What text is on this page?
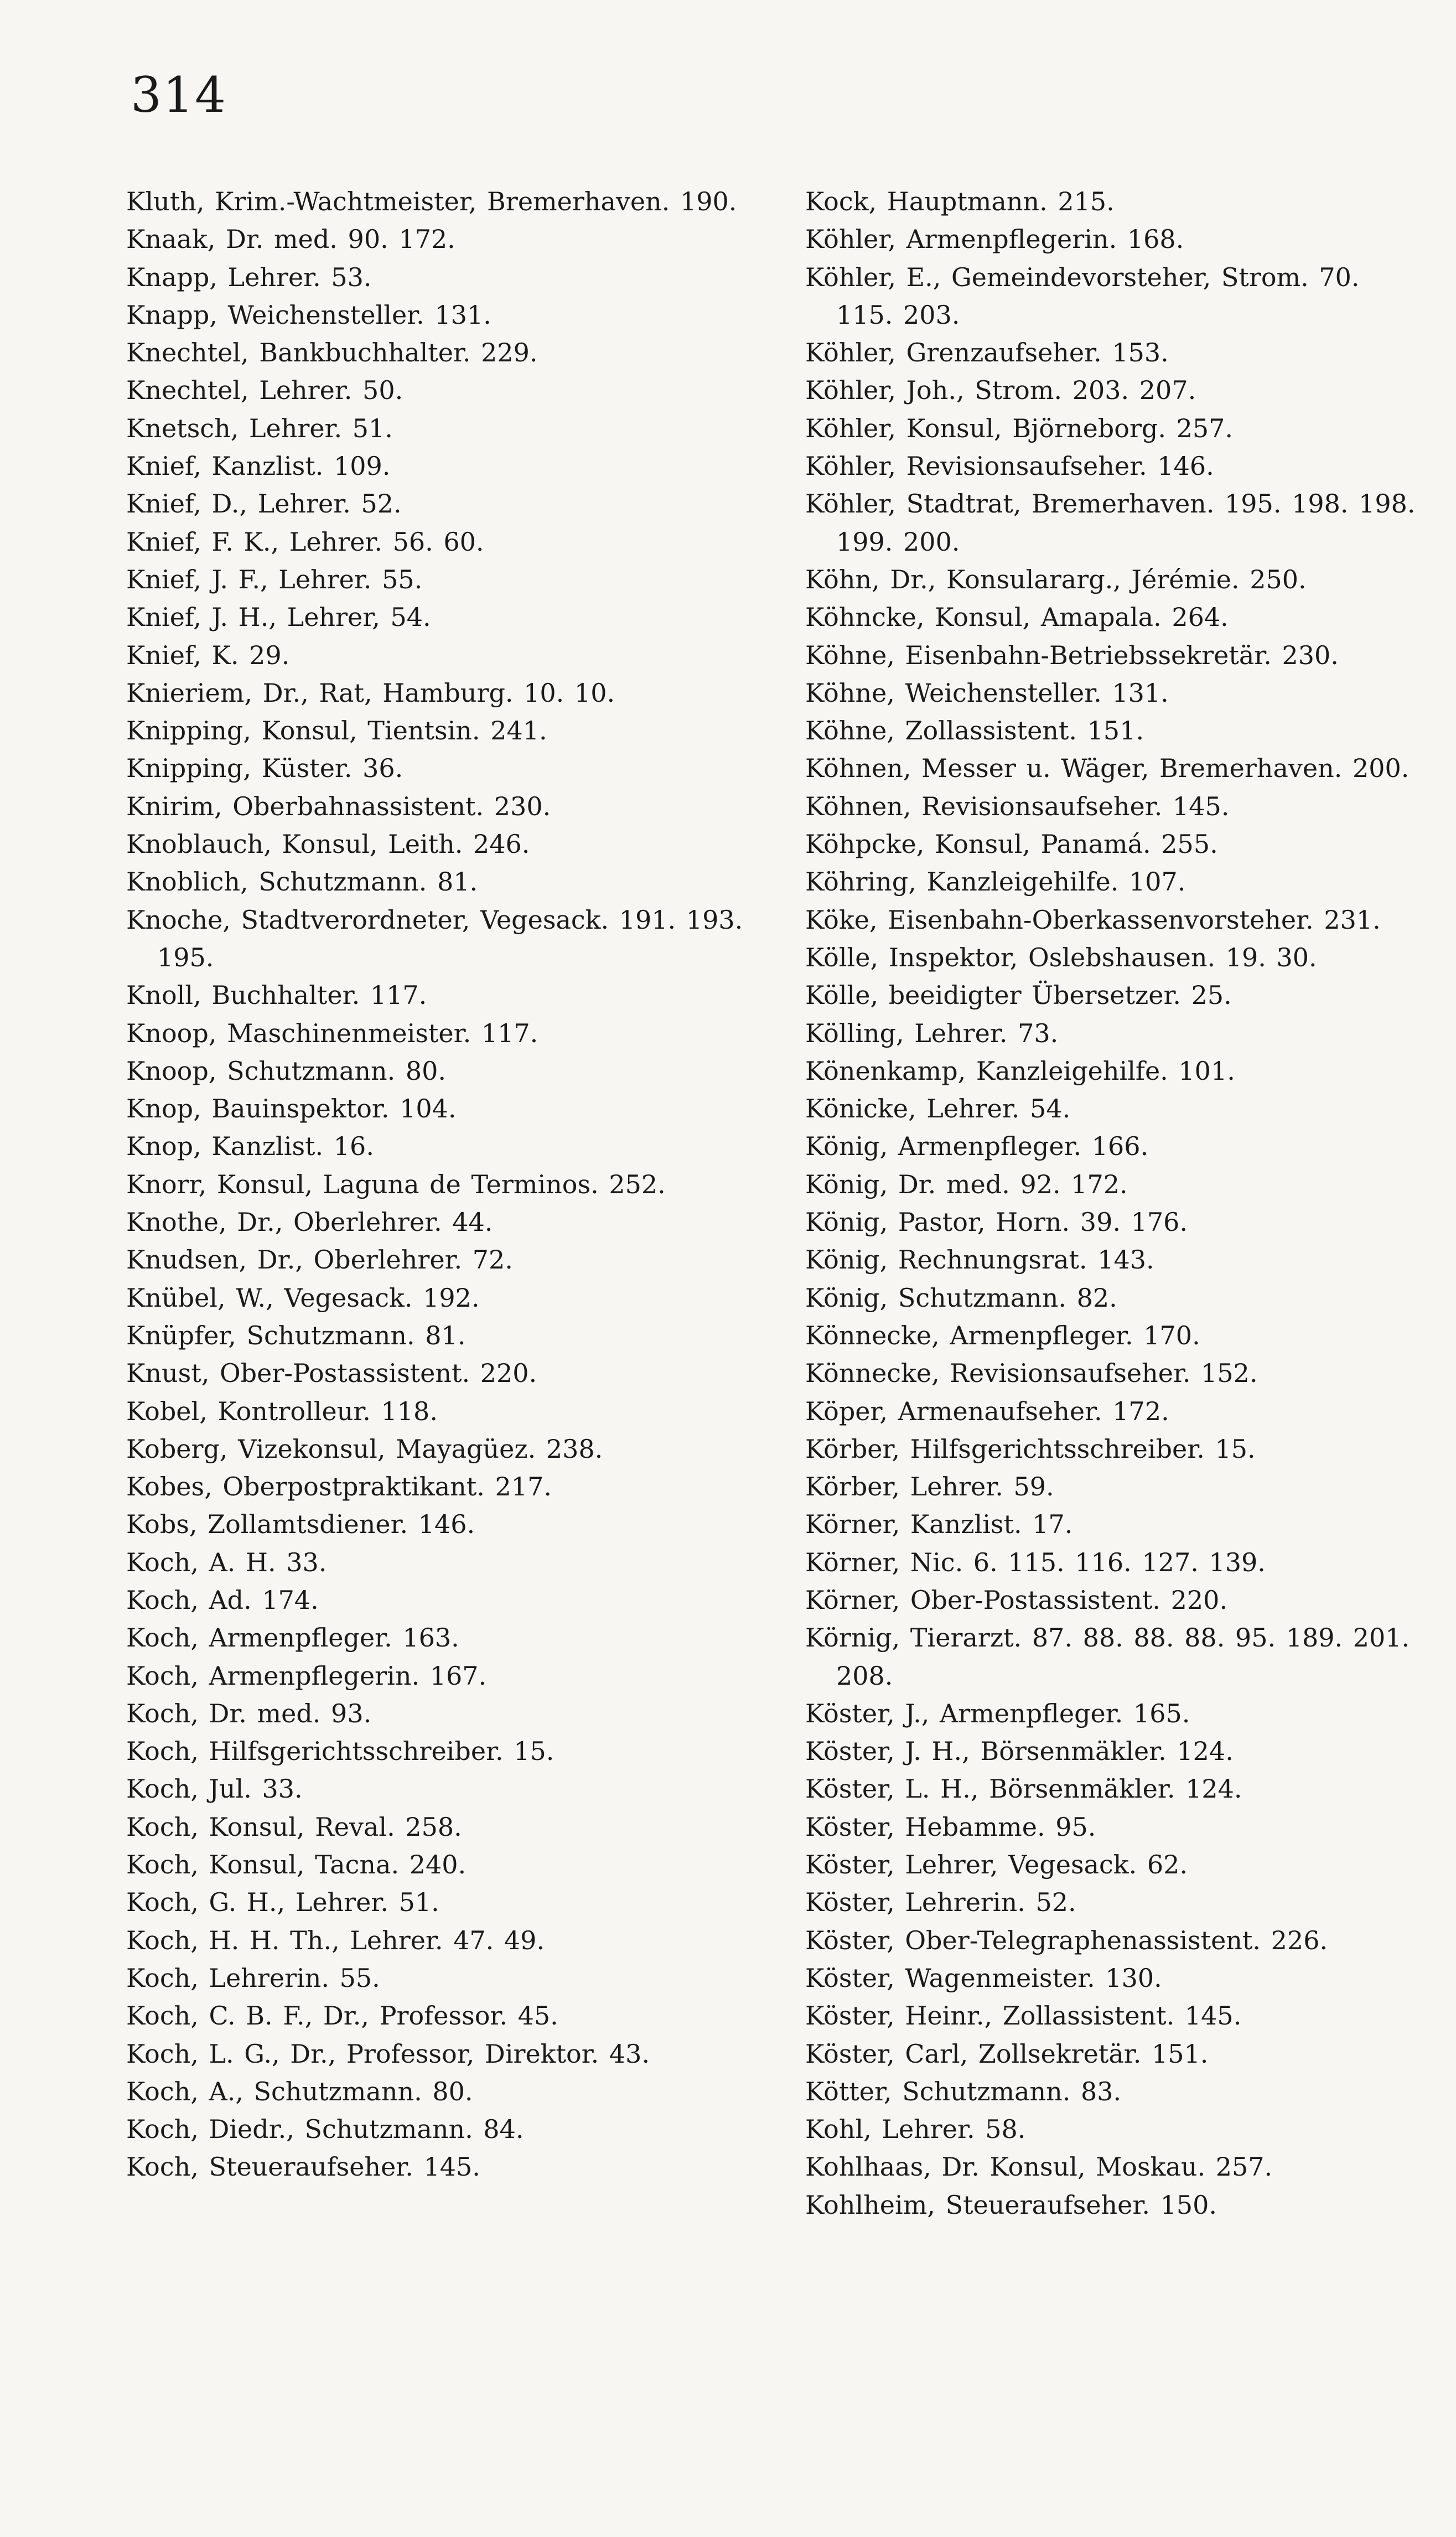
314
Kluth, Krim.-Wachtmeister, Bremerhaven. 190.
Knaak, Dr. med. 90. 172.
Knapp, Lehrer. 53.
Knapp, Weichensteller. 131.
Knechtel, Bankbuchhalter. 229.
Knechtel, Lehrer. 50.
Knetsch, Lehrer. 51.
Knief, Kanzlist. 109.
Knief, D., Lehrer. 52.
Knief, F. K., Lehrer. 56. 60.
Knief, J. F., Lehrer. 55.
Knief, J. H., Lehrer, 54.
Knief, K. 29.
Knieriem, Dr., Rat, Hamburg. 10. 10.
Knipping, Konsul, Tientsin. 241.
Knipping, Küster. 36.
Knirim, Oberbahnassistent. 230.
Knoblauch, Konsul, Leith. 246.
Knoblich, Schutzmann. 81.
Knoche, Stadtverordneter, Vegesack. 191. 193. 195.
Knoll, Buchhalter. 117.
Knoop, Maschinenmeister. 117.
Knoop, Schutzmann. 80.
Knop, Bauinspektor. 104.
Knop, Kanzlist. 16.
Knorr, Konsul, Laguna de Terminos. 252.
Knothe, Dr., Oberlehrer. 44.
Knudsen, Dr., Oberlehrer. 72.
Knübel, W., Vegesack. 192.
Knüpfer, Schutzmann. 81.
Knust, Ober-Postassistent. 220.
Kobel, Kontrolleur. 118.
Koberg, Vizekonsul, Mayagüez. 238.
Kobes, Oberpostpraktikant. 217.
Kobs, Zollamtsdiener. 146.
Koch, A. H. 33.
Koch, Ad. 174.
Koch, Armenpfleger. 163.
Koch, Armenpflegerin. 167.
Koch, Dr. med. 93.
Koch, Hilfsgerichtsschreiber. 15.
Koch, Jul. 33.
Koch, Konsul, Reval. 258.
Koch, Konsul, Tacna. 240.
Koch, G. H., Lehrer. 51.
Koch, H. H. Th., Lehrer. 47. 49.
Koch, Lehrerin. 55.
Koch, C. B. F., Dr., Professor. 45.
Koch, L. G., Dr., Professor, Direktor. 43.
Koch, A., Schutzmann. 80.
Koch, Diedr., Schutzmann. 84.
Koch, Steueraufseher. 145.
Kock, Hauptmann. 215.
Köhler, Armenpflegerin. 168.
Köhler, E., Gemeindevorsteher, Strom. 70. 115. 203.
Köhler, Grenzaufseher. 153.
Köhler, Joh., Strom. 203. 207.
Köhler, Konsul, Björneborg. 257.
Köhler, Revisionsaufseher. 146.
Köhler, Stadtrat, Bremerhaven. 195. 198. 198. 199. 200.
Köhn, Dr., Konsulararg., Jérémie. 250.
Köhncke, Konsul, Amapala. 264.
Köhne, Eisenbahn-Betriebssekretär. 230.
Köhne, Weichensteller. 131.
Köhne, Zollassistent. 151.
Köhnen, Messer u. Wäger, Bremerhaven. 200.
Köhnen, Revisionsaufseher. 145.
Köhpcke, Konsul, Panamá. 255.
Köhring, Kanzleigehilfe. 107.
Köke, Eisenbahn-Oberkassenvorsteher. 231.
Kölle, Inspektor, Oslebshausen. 19. 30.
Kölle, beeidigter Übersetzer. 25.
Kölling, Lehrer. 73.
Könenkamp, Kanzleigehilfe. 101.
Könicke, Lehrer. 54.
König, Armenpfleger. 166.
König, Dr. med. 92. 172.
König, Pastor, Horn. 39. 176.
König, Rechnungsrat. 143.
König, Schutzmann. 82.
Könnecke, Armenpfleger. 170.
Könnecke, Revisionsaufseher. 152.
Köper, Armenaufseher. 172.
Körber, Hilfsgerichtsschreiber. 15.
Körber, Lehrer. 59.
Körner, Kanzlist. 17.
Körner, Nic. 6. 115. 116. 127. 139.
Körner, Ober-Postassistent. 220.
Körnig, Tierarzt. 87. 88. 88. 88. 95. 189. 201. 208.
Köster, J., Armenpfleger. 165.
Köster, J. H., Börsenmäkler. 124.
Köster, L. H., Börsenmäkler. 124.
Köster, Hebamme. 95.
Köster, Lehrer, Vegesack. 62.
Köster, Lehrerin. 52.
Köster, Ober-Telegraphenassistent. 226.
Köster, Wagenmeister. 130.
Köster, Heinr., Zollassistent. 145.
Köster, Carl, Zollsekretär. 151.
Kötter, Schutzmann. 83.
Kohl, Lehrer. 58.
Kohlhaas, Dr. Konsul, Moskau. 257.
Kohlheim, Steueraufseher. 150.
